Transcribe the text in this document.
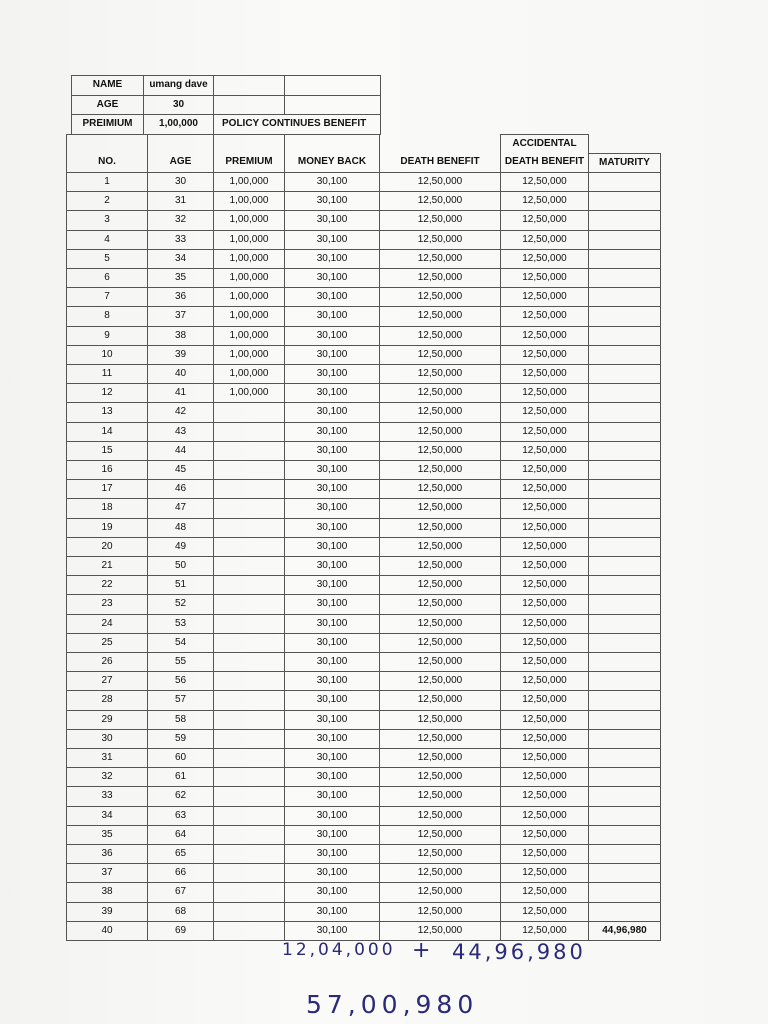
NAME	umang dave		
AGE	30		
PREIMIUM	1,00,000	POLICY CONTINUES BENEFIT	
					ACCIDENTAL	
NO.	AGE	PREMIUM	MONEY BACK	DEATH BENEFIT	DEATH BENEFIT	MATURITY
1	30	1,00,000	30,100	12,50,000	12,50,000	
2	31	1,00,000	30,100	12,50,000	12,50,000	
3	32	1,00,000	30,100	12,50,000	12,50,000	
4	33	1,00,000	30,100	12,50,000	12,50,000	
5	34	1,00,000	30,100	12,50,000	12,50,000	
6	35	1,00,000	30,100	12,50,000	12,50,000	
7	36	1,00,000	30,100	12,50,000	12,50,000	
8	37	1,00,000	30,100	12,50,000	12,50,000	
9	38	1,00,000	30,100	12,50,000	12,50,000	
10	39	1,00,000	30,100	12,50,000	12,50,000	
11	40	1,00,000	30,100	12,50,000	12,50,000	
12	41	1,00,000	30,100	12,50,000	12,50,000	
13	42		30,100	12,50,000	12,50,000	
14	43		30,100	12,50,000	12,50,000	
15	44		30,100	12,50,000	12,50,000	
16	45		30,100	12,50,000	12,50,000	
17	46		30,100	12,50,000	12,50,000	
18	47		30,100	12,50,000	12,50,000	
19	48		30,100	12,50,000	12,50,000	
20	49		30,100	12,50,000	12,50,000	
21	50		30,100	12,50,000	12,50,000	
22	51		30,100	12,50,000	12,50,000	
23	52		30,100	12,50,000	12,50,000	
24	53		30,100	12,50,000	12,50,000	
25	54		30,100	12,50,000	12,50,000	
26	55		30,100	12,50,000	12,50,000	
27	56		30,100	12,50,000	12,50,000	
28	57		30,100	12,50,000	12,50,000	
29	58		30,100	12,50,000	12,50,000	
30	59		30,100	12,50,000	12,50,000	
31	60		30,100	12,50,000	12,50,000	
32	61		30,100	12,50,000	12,50,000	
33	62		30,100	12,50,000	12,50,000	
34	63		30,100	12,50,000	12,50,000	
35	64		30,100	12,50,000	12,50,000	
36	65		30,100	12,50,000	12,50,000	
37	66		30,100	12,50,000	12,50,000	
38	67		30,100	12,50,000	12,50,000	
39	68		30,100	12,50,000	12,50,000	
40	69		30,100	12,50,000	12,50,000	44,96,980
12,04,000 + 44,96,980
57,00,980
